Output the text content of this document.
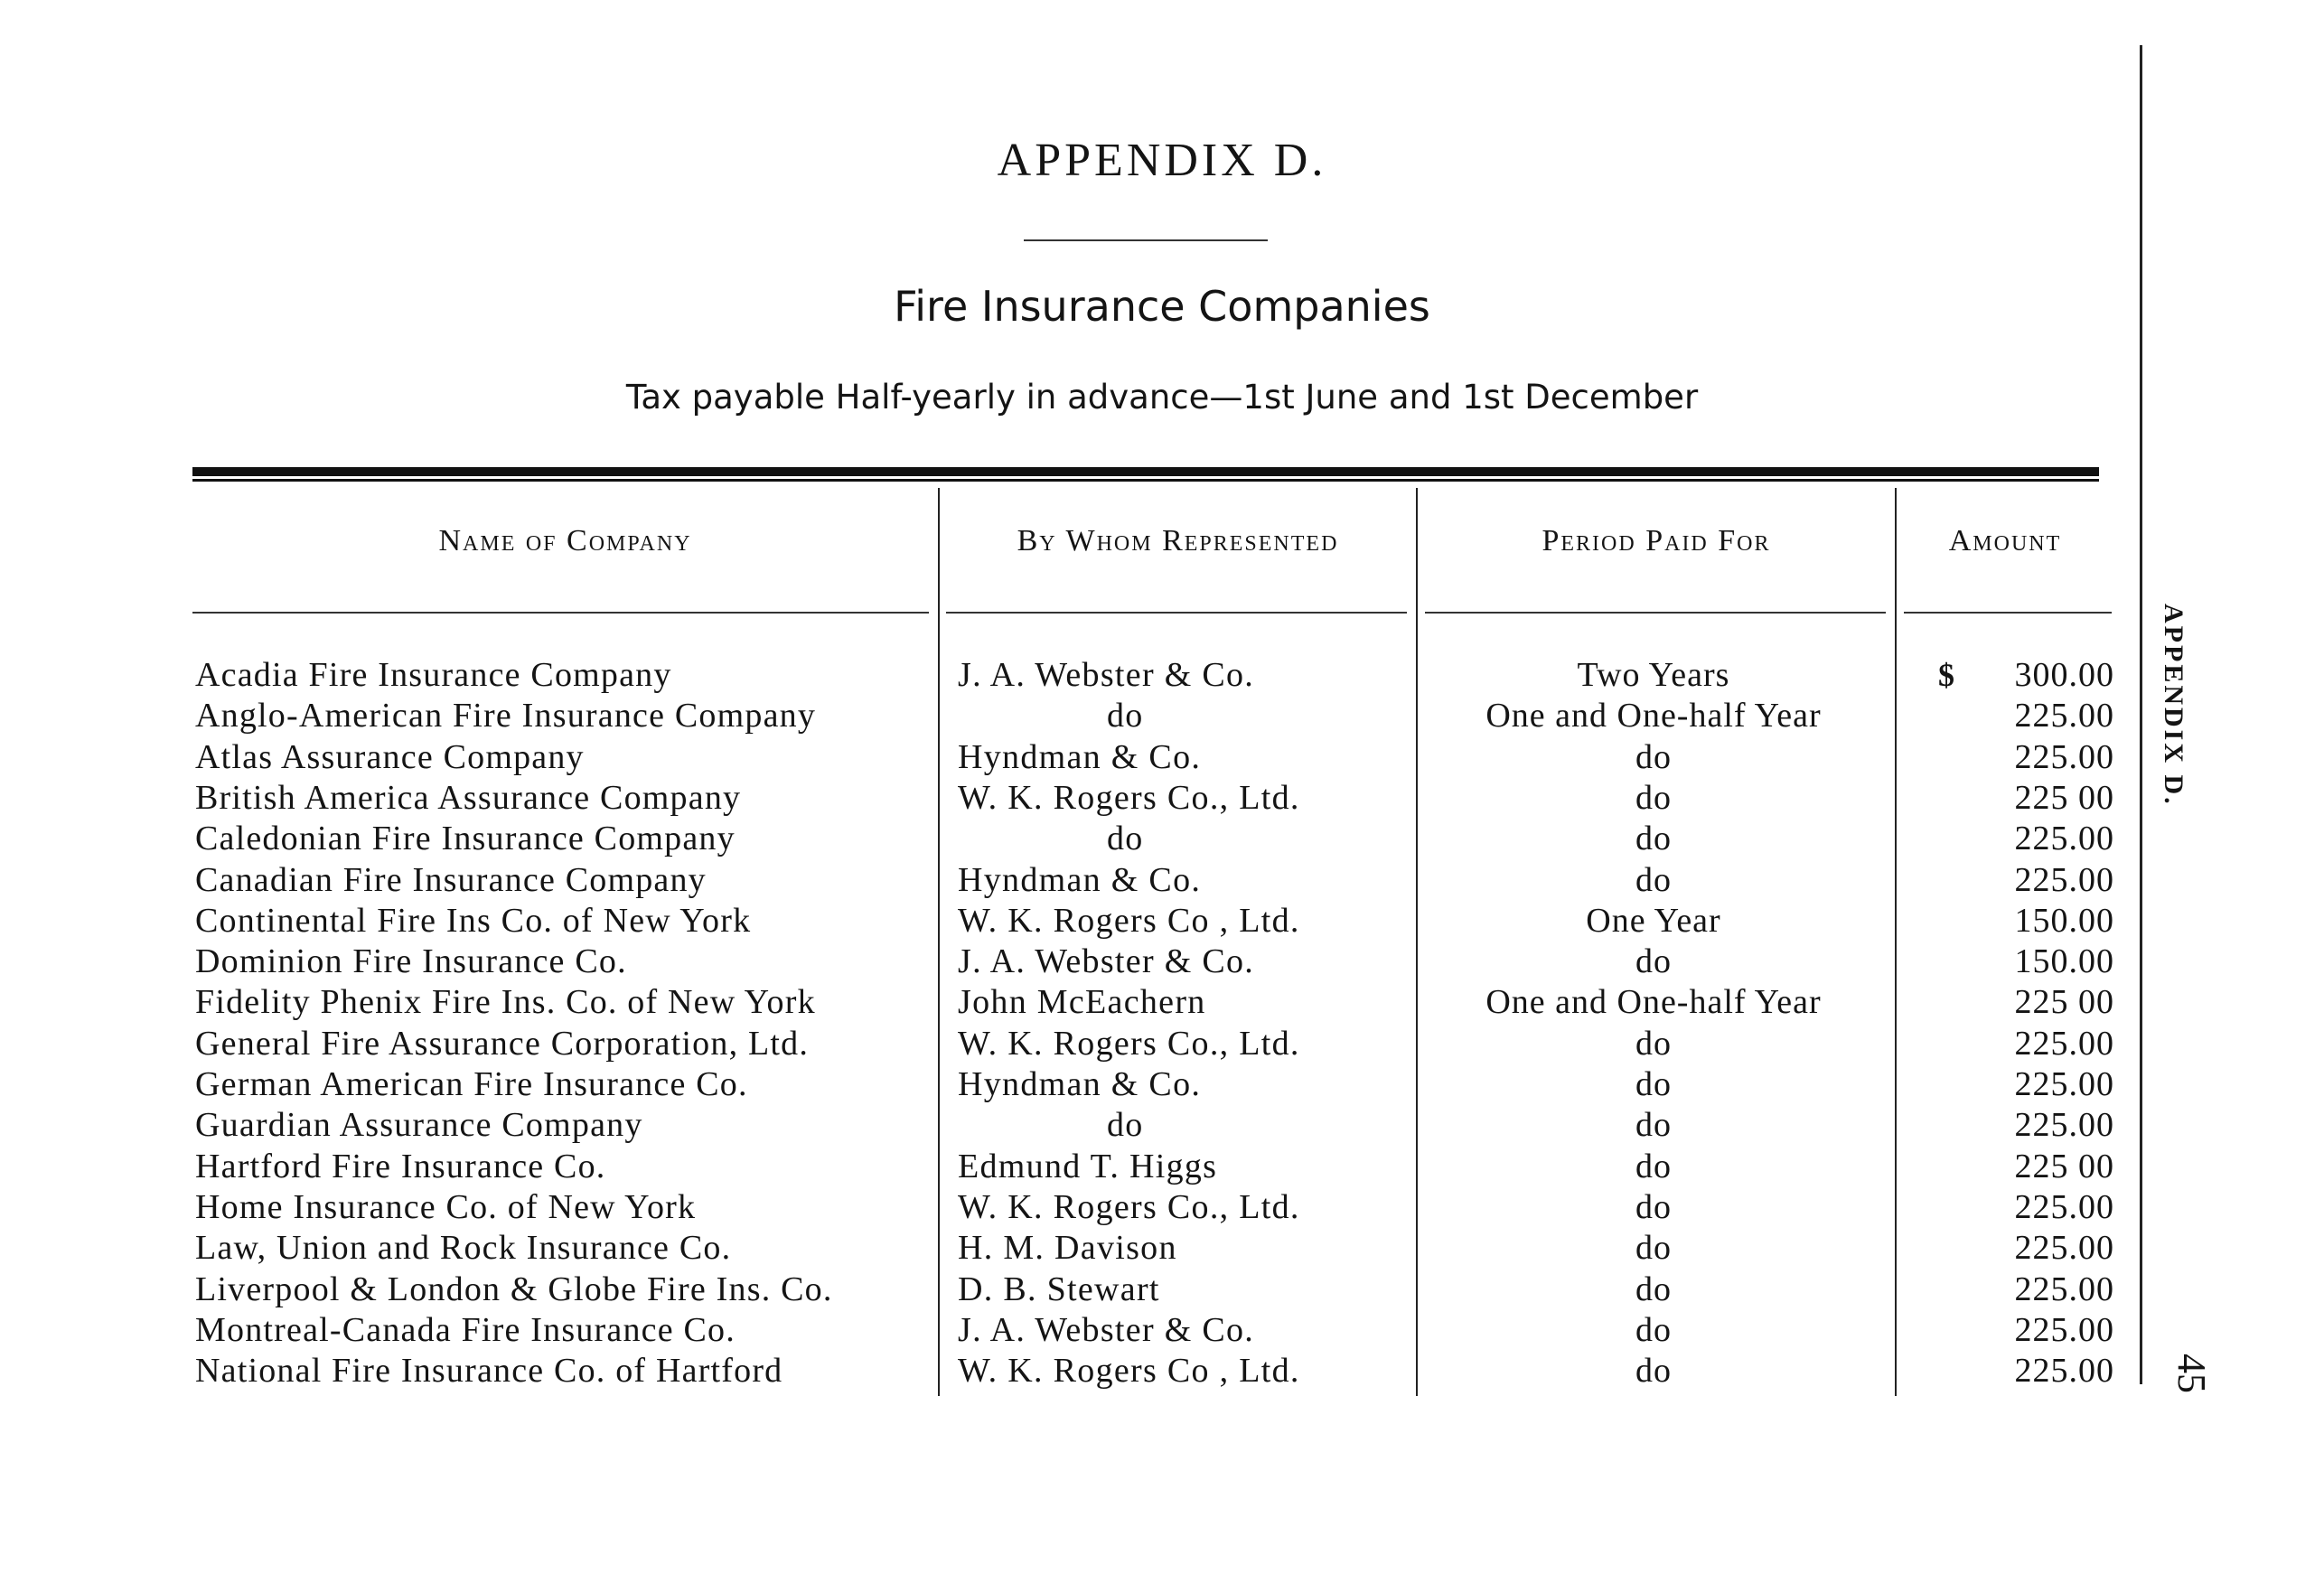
APPENDIX D.
Fire Insurance Companies
Tax payable Half-yearly in advance—1st June and 1st December
Name of Company	By Whom Represented	Period Paid For	Amount
Acadia Fire Insurance Company	J. A. Webster & Co.	Two Years	300.00
$
Anglo-American Fire Insurance Company	do	One and One-half Year	225.00
Atlas Assurance Company	Hyndman & Co.	do	225.00
British America Assurance Company	W. K. Rogers Co., Ltd.	do	225 00
Caledonian Fire Insurance Company	do	do	225.00
Canadian Fire Insurance Company	Hyndman & Co.	do	225.00
Continental Fire Ins Co. of New York	W. K. Rogers Co , Ltd.	One Year	150.00
Dominion Fire Insurance Co.	J. A. Webster & Co.	do	150.00
Fidelity Phenix Fire Ins. Co. of New York	John McEachern	One and One-half Year	225 00
General Fire Assurance Corporation, Ltd.	W. K. Rogers Co., Ltd.	do	225.00
German American Fire Insurance Co.	Hyndman & Co.	do	225.00
Guardian Assurance Company	do	do	225.00
Hartford Fire Insurance Co.	Edmund T. Higgs	do	225 00
Home Insurance Co. of New York	W. K. Rogers Co., Ltd.	do	225.00
Law, Union and Rock Insurance Co.	H. M. Davison	do	225.00
Liverpool & London & Globe Fire Ins. Co.	D. B. Stewart	do	225.00
Montreal-Canada Fire Insurance Co.	J. A. Webster & Co.	do	225.00
National Fire Insurance Co. of Hartford	W. K. Rogers Co , Ltd.	do	225.00
APPENDIX D.
45
